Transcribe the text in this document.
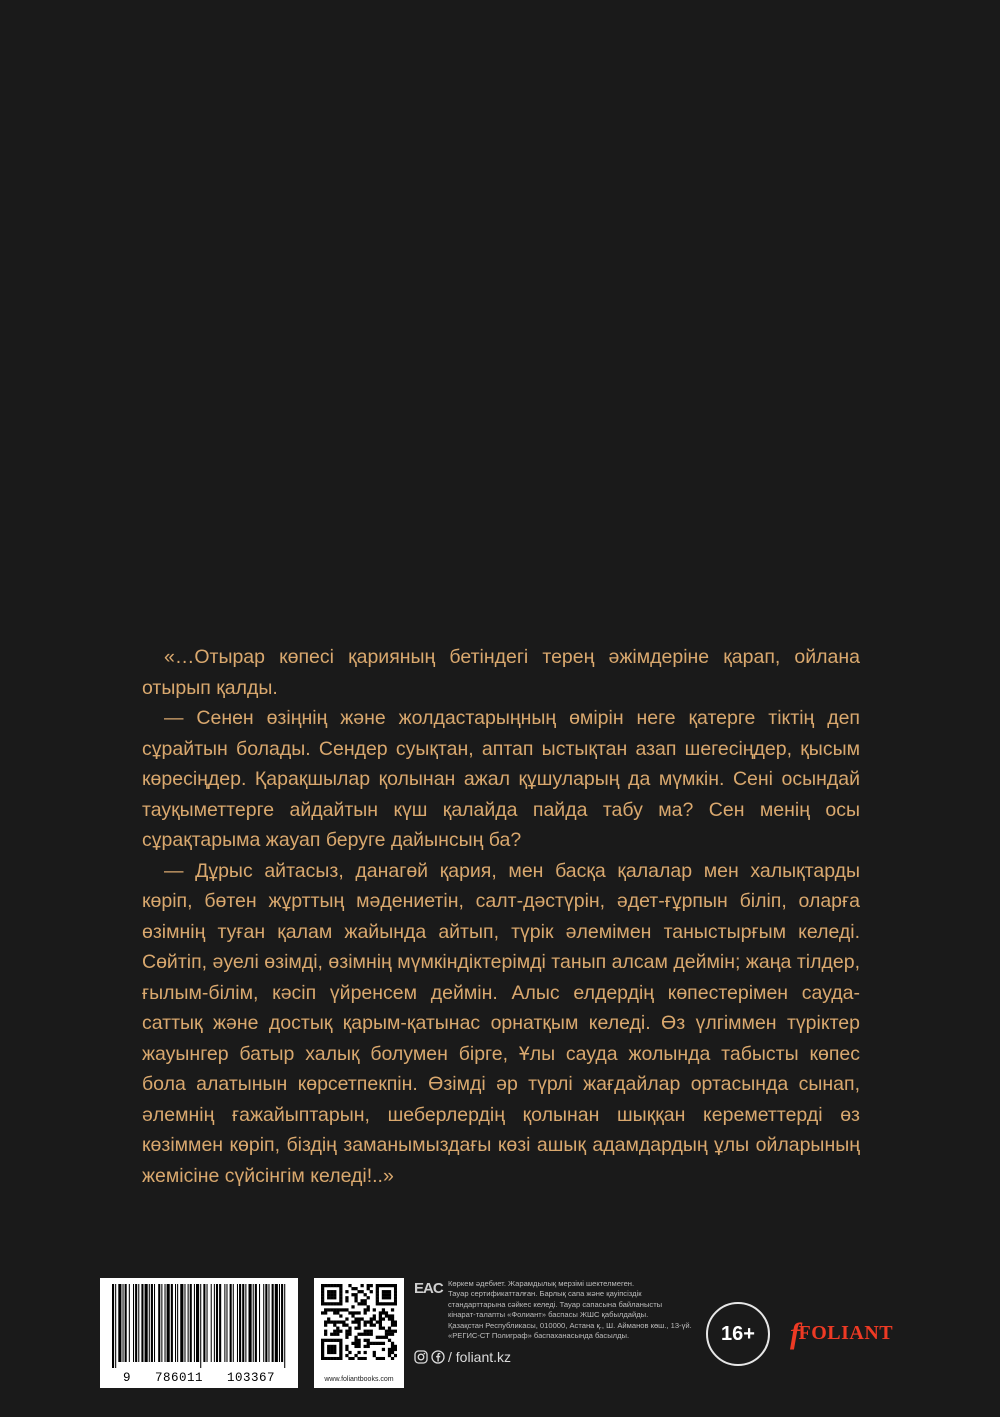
«…Отырар көпесі қарияның бетіндегі терең әжімдеріне қарап, ойлана отырып қалды.

— Сенен өзіңнің және жолдастарыңның өмірін неге қатерге тіктің деп сұрайтын болады. Сендер суықтан, аптап ыстықтан азап шегесіңдер, қысым көресіңдер. Қарақшылар қолынан ажал құшуларың да мүмкін. Сені осындай тауқыметтерге айдайтын күш қалайда пайда табу ма? Сен менің осы сұрақтарыма жауап беруге дайынсың ба?

— Дұрыс айтасыз, данагөй қария, мен басқа қалалар мен халықтарды көріп, бөтен жұрттың мәдениетін, салт-дәстүрін, әдет-ғұрпын біліп, оларға өзімнің туған қалам жайында айтып, түрік әлемімен таныстырғым келеді. Сөйтіп, әуелі өзімді, өзімнің мүмкіндіктерімді танып алсам деймін; жаңа тілдер, ғылым-білім, кәсіп үйренсем деймін. Алыс елдердің көпестерімен сауда-саттық және достық қарым-қатынас орнатқым келеді. Өз үлгіммен түріктер жауынгер батыр халық болумен бірге, Ұлы сауда жолында табысты көпес бола алатынын көрсетпекпін. Өзімді әр түрлі жағдайлар ортасында сынап, әлемнің ғажайыптарын, шеберлердің қолынан шыққан кереметтерді өз көзіммен көріп, біздің заманымыздағы көзі ашық адамдардың ұлы ойларының жемісіне сүйсінгім келеді!..»

9   786011   103367	www.foliantbooks.com
EAC Көркем әдебиет. Жарамдылық мерзімі шектелмеген.
Тауар сертификатталған. Барлық сапа және қауіпсіздік
стандарттарына сәйкес келеді. Тауар сапасына байланысты
кінарат-талапты «Фолиант» баспасы ЖШС қабылдайды.
Қазақстан Республикасы, 010000, Астана қ., Ш. Айманов көш., 13-үй.
«РЕГИС-СТ Полиграф» баспаханасында басылды.
/ foliant.kz
16+	f
FOLIANT
